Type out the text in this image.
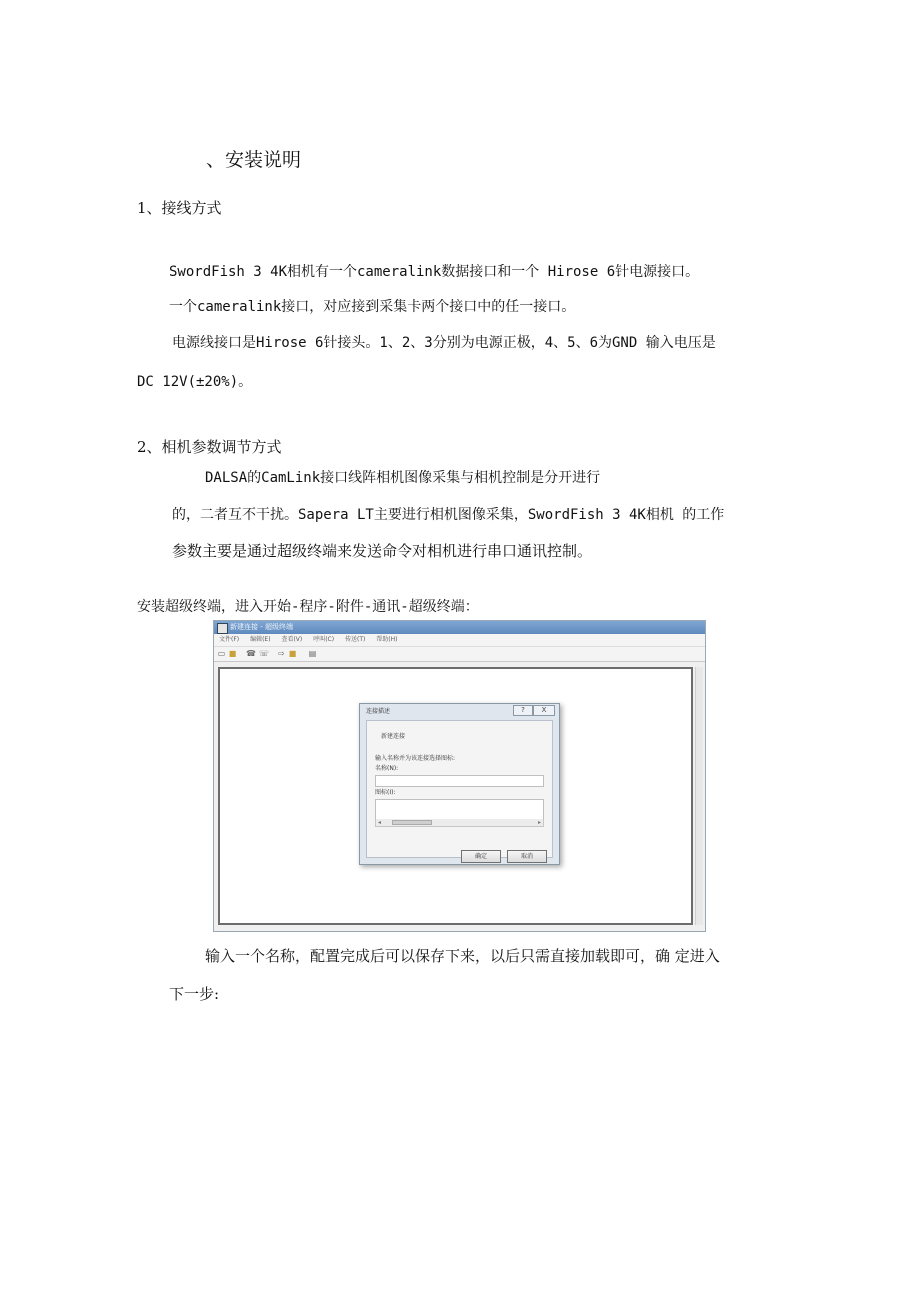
、安装说明
1、接线方式
SwordFish 3 4K相机有一个cameralink数据接口和一个 Hirose 6针电源接口。
一个cameralink接口，对应接到采集卡两个接口中的任一接口。
电源线接口是Hirose 6针接头。1、2、3分别为电源正极，4、5、6为GND 输入电压是
DC 12V(±20%)。
2、相机参数调节方式
DALSA的CamLink接口线阵相机图像采集与相机控制是分开进行
的，二者互不干扰。Sapera LT主要进行相机图像采集，SwordFish 3 4K相机 的工作
参数主要是通过超级终端来发送命令对相机进行串口通讯控制。
安装超级终端，进入开始-程序-附件-通讯-超级终端：
新建连接 - 超级终端
文件(F) 编辑(E) 查看(V) 呼叫(C) 传送(T) 帮助(H)
▭ ■ ☎ ☏ ⇨ ■ ▤
连接描述	?	X
新建连接
输入名称并为该连接选择图标:
名称(N):
图标(I):
◂	▸
确定	取消
输入一个名称，配置完成后可以保存下来，以后只需直接加载即可，确 定进入
下一步:
